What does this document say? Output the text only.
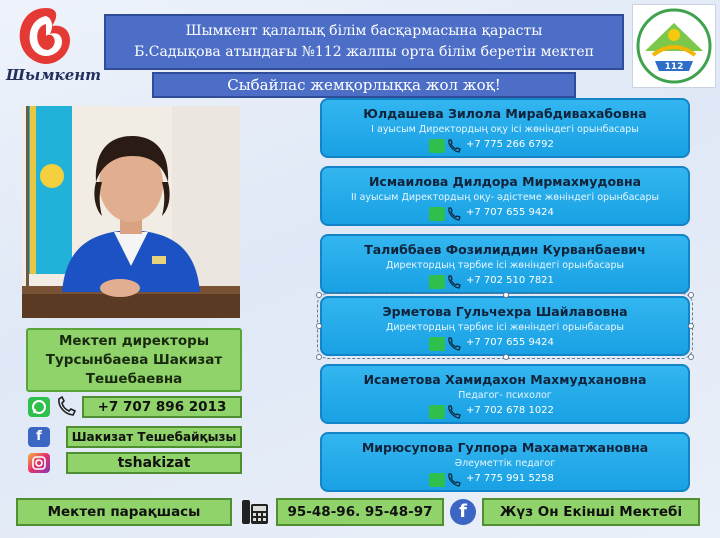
Шымкент	112
Шымкент қалалық білім басқармасына қарасты
Б.Садықова атындағы №112 жалпы орта білім беретін мектеп
Сыбайлас жемқорлыққа жол жоқ!
Мектеп директоры
Турсынбаева Шакизат
Тешебаевна
+7 707 896 2013
f	Шакизат Тешебайқызы
tshakizat
Юлдашева Зилола Мирабдивахабовна
I ауысым Директордың оқу ісі жөніндегі орынбасары
+7 775 266 6792
Исмаилова Дилдора Мирмахмудовна
II ауысым Директордың оқу- әдістеме жөніндегі орынбасары
+7 707 655 9424
Талиббаев Фозилиддин Курванбаевич
Директордың тәрбие ісі жөніндегі орынбасары
+7 702 510 7821
Эрметова Гульчехра Шайлавовна
Директордың тәрбие ісі жөніндегі орынбасары
+7 707 655 9424
Исаметова Хамидахон Махмудхановна
Педагог- психолог
+7 702 678 1022
Мирюсупова Гулпора Махаматжановна
Әлеуметтік педагог
+7 775 991 5258
Мектеп парақшасы	95-48-96. 95-48-97	f	Жүз Он Екінші Мектебі
